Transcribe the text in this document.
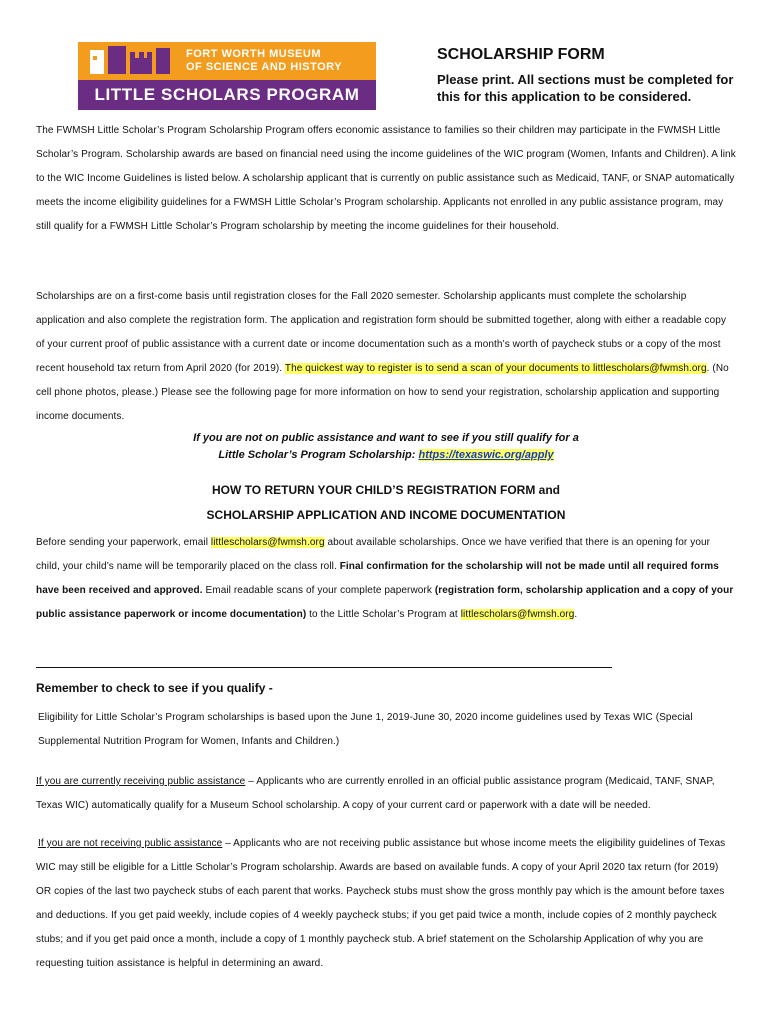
FORT WORTH MUSEUM
OF SCIENCE AND HISTORY
LITTLE SCHOLARS PROGRAM
SCHOLARSHIP FORM

Please print. All sections must be completed for this for this application to be considered.

The FWMSH Little Scholar’s Program Scholarship Program offers economic assistance to families so their children may participate in the FWMSH Little Scholar’s Program. Scholarship awards are based on financial need using the income guidelines of the WIC program (Women, Infants and Children). A link to the WIC Income Guidelines is listed below. A scholarship applicant that is currently on public assistance such as Medicaid, TANF, or SNAP automatically meets the income eligibility guidelines for a FWMSH Little Scholar’s Program scholarship. Applicants not enrolled in any public assistance program, may still qualify for a FWMSH Little Scholar’s Program scholarship by meeting the income guidelines for their household.

Scholarships are on a first-come basis until registration closes for the Fall 2020 semester. Scholarship applicants must complete the scholarship application and also complete the registration form. The application and registration form should be submitted together, along with either a readable copy of your current proof of public assistance with a current date or income documentation such as a month’s worth of paycheck stubs or a copy of the most recent household tax return from April 2020 (for 2019). The quickest way to register is to send a scan of your documents to littlescholars@fwmsh.org. (No cell phone photos, please.) Please see the following page for more information on how to send your registration, scholarship application and supporting income documents.

If you are not on public assistance and want to see if you still qualify for a
Little Scholar’s Program Scholarship: https://texaswic.org/apply
HOW TO RETURN YOUR CHILD’S REGISTRATION FORM and
SCHOLARSHIP APPLICATION AND INCOME DOCUMENTATION

Before sending your paperwork, email littlescholars@fwmsh.org about available scholarships. Once we have verified that there is an opening for your child, your child’s name will be temporarily placed on the class roll. Final confirmation for the scholarship will not be made until all required forms have been received and approved. Email readable scans of your complete paperwork (registration form, scholarship application and a copy of your public assistance paperwork or income documentation) to the Little Scholar’s Program at littlescholars@fwmsh.org.

Remember to check to see if you qualify -

Eligibility for Little Scholar’s Program scholarships is based upon the June 1, 2019-June 30, 2020 income guidelines used by Texas WIC (Special Supplemental Nutrition Program for Women, Infants and Children.)

If you are currently receiving public assistance – Applicants who are currently enrolled in an official public assistance program (Medicaid, TANF, SNAP, Texas WIC) automatically qualify for a Museum School scholarship. A copy of your current card or paperwork with a date will be needed.

If you are not receiving public assistance – Applicants who are not receiving public assistance but whose income meets the eligibility guidelines of Texas WIC may still be eligible for a Little Scholar’s Program scholarship. Awards are based on available funds. A copy of your April 2020 tax return (for 2019) OR copies of the last two paycheck stubs of each parent that works. Paycheck stubs must show the gross monthly pay which is the amount before taxes and deductions. If you get paid weekly, include copies of 4 weekly paycheck stubs; if you get paid twice a month, include copies of 2 monthly paycheck stubs; and if you get paid once a month, include a copy of 1 monthly paycheck stub. A brief statement on the Scholarship Application of why you are requesting tuition assistance is helpful in determining an award.
